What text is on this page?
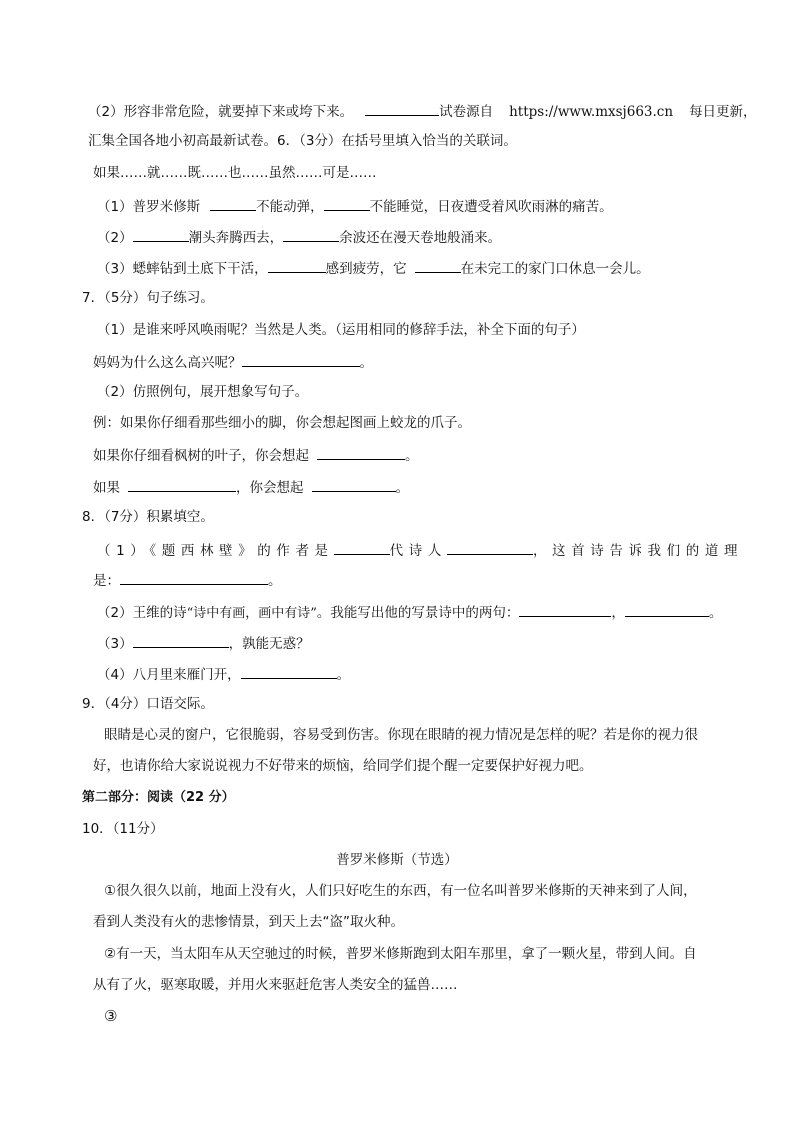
（2）形容非常危险，就要掉下来或垮下来。	试卷源自 https://www.mxsj663.cn 每日更新，
汇集全国各地小初高最新试卷。6．（3分）在括号里填入恰当的关联词。
如果……就……既……也……虽然……可是……
（1）普罗米修斯	不能动弹，	不能睡觉，日夜遭受着风吹雨淋的痛苦。
（2）	潮头奔腾西去，	余波还在漫天卷地般涌来。
（3）蟋蟀钻到土底下干活，	感到疲劳，它	在未完工的家门口休息一会儿。
7．（5分）句子练习。
（1）是谁来呼风唤雨呢？当然是人类。（运用相同的修辞手法，补全下面的句子）
妈妈为什么这么高兴呢？	。
（2）仿照例句，展开想象写句子。
例：如果你仔细看那些细小的脚，你会想起图画上蛟龙的爪子。
如果你仔细看枫树的叶子，你会想起	。
如果	，你会想起	。
8．（7分）积累填空。
（1）《题西林壁》的作者是	代诗人	，这首诗告诉我们的道理
是：	。
（2）王维的诗“诗中有画，画中有诗”。我能写出他的写景诗中的两句：	，	。
（3）	，孰能无惑？
（4）八月里来雁门开，	。
9．（4分）口语交际。
眼睛是心灵的窗户，它很脆弱，容易受到伤害。你现在眼睛的视力情况是怎样的呢？若是你的视力很
好，也请你给大家说说视力不好带来的烦恼，给同学们提个醒一定要保护好视力吧。
第二部分：阅读（22 分）
10．（11分）
普罗米修斯（节选）
①很久很久以前，地面上没有火，人们只好吃生的东西，有一位名叫普罗米修斯的天神来到了人间，
看到人类没有火的悲惨情景，到天上去“盗”取火种。
②有一天，当太阳车从天空驰过的时候，普罗米修斯跑到太阳车那里，拿了一颗火星，带到人间。自
从有了火，驱寒取暖，并用火来驱赶危害人类安全的猛兽……
③
